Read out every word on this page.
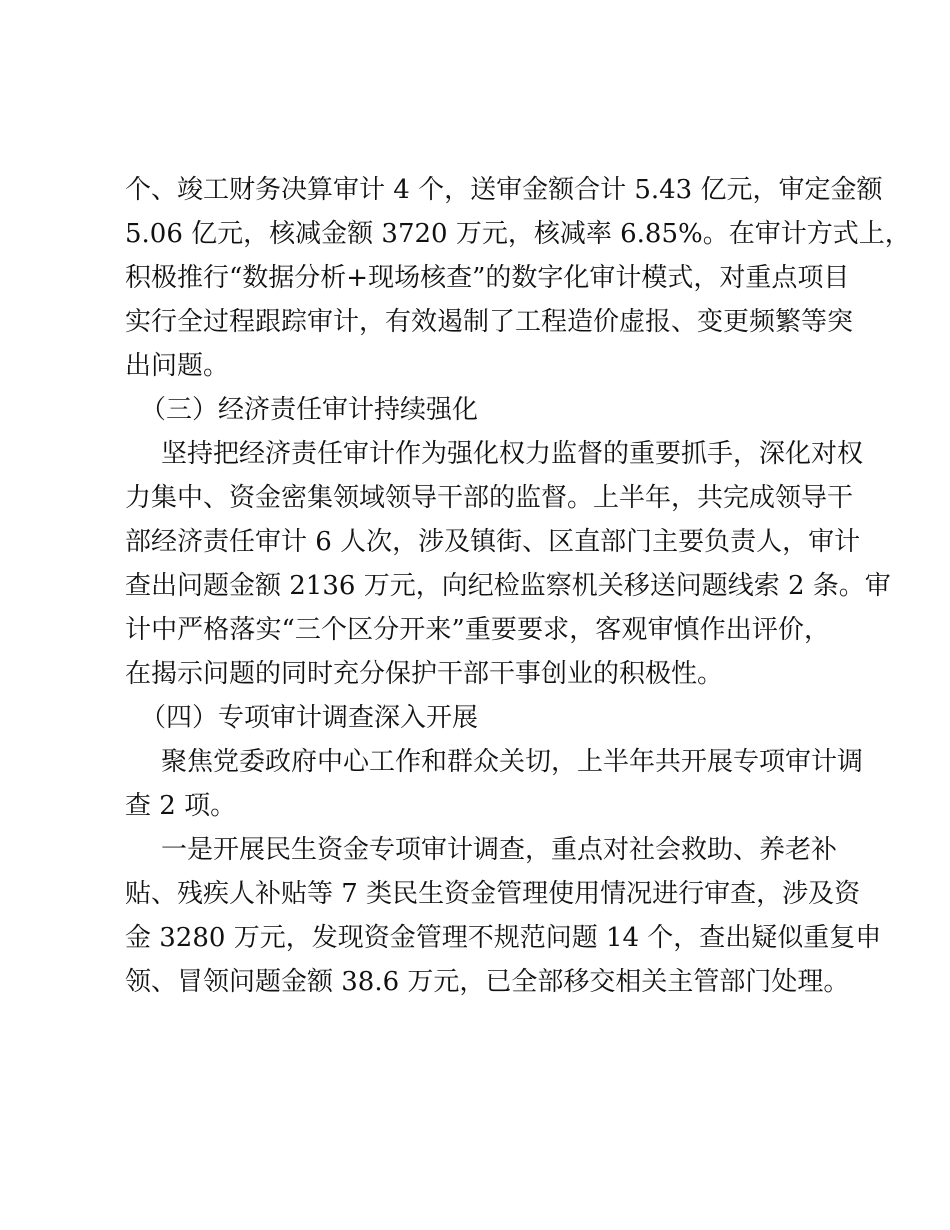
个、竣工财务决算审计 4 个，送审金额合计 5.43 亿元，审定金额
5.06 亿元，核减金额 3720 万元，核减率 6.85%。在审计方式上，
积极推行“数据分析+现场核查”的数字化审计模式，对重点项目
实行全过程跟踪审计，有效遏制了工程造价虚报、变更频繁等突
出问题。
（三）经济责任审计持续强化
坚持把经济责任审计作为强化权力监督的重要抓手，深化对权
力集中、资金密集领域领导干部的监督。上半年，共完成领导干
部经济责任审计 6 人次，涉及镇街、区直部门主要负责人，审计
查出问题金额 2136 万元，向纪检监察机关移送问题线索 2 条。审
计中严格落实“三个区分开来”重要要求，客观审慎作出评价，
在揭示问题的同时充分保护干部干事创业的积极性。
（四）专项审计调查深入开展
聚焦党委政府中心工作和群众关切，上半年共开展专项审计调
查 2 项。
一是开展民生资金专项审计调查，重点对社会救助、养老补
贴、残疾人补贴等 7 类民生资金管理使用情况进行审查，涉及资
金 3280 万元，发现资金管理不规范问题 14 个，查出疑似重复申
领、冒领问题金额 38.6 万元，已全部移交相关主管部门处理。
